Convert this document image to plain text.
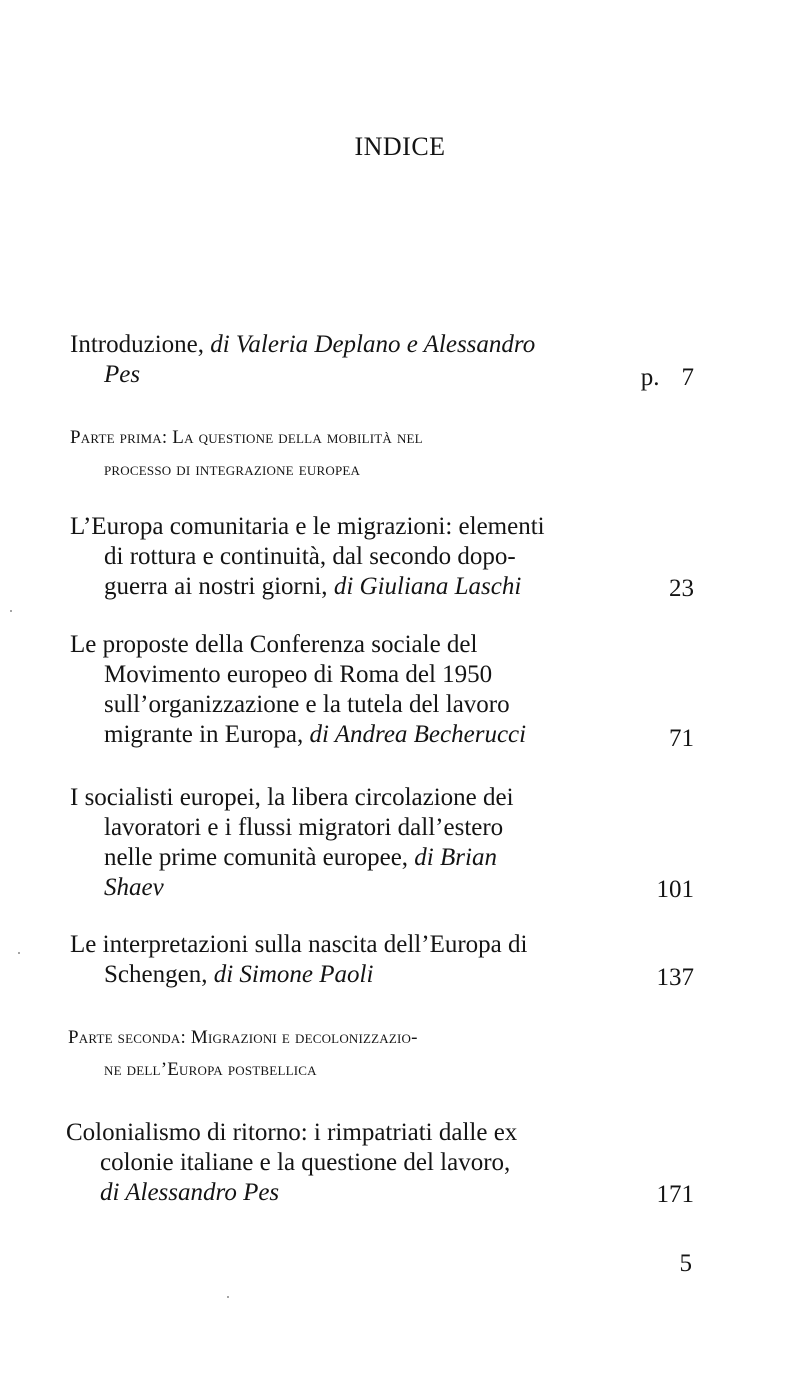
INDICE
Introduzione, di Valeria Deplano e Alessandro
Pes	p. 7
Parte prima: La questione della mobilità nel
processo di integrazione europea
L’Europa comunitaria e le migrazioni: elementi
di rottura e continuità, dal secondo dopo-
guerra ai nostri giorni, di Giuliana Laschi	23
Le proposte della Conferenza sociale del
Movimento europeo di Roma del 1950
sull’organizzazione e la tutela del lavoro
migrante in Europa, di Andrea Becherucci	71
I socialisti europei, la libera circolazione dei
lavoratori e i flussi migratori dall’estero
nelle prime comunità europee, di Brian
Shaev	101
Le interpretazioni sulla nascita dell’Europa di
Schengen, di Simone Paoli	137
Parte seconda: Migrazioni e decolonizzazio-
ne dell’Europa postbellica
Colonialismo di ritorno: i rimpatriati dalle ex
colonie italiane e la questione del lavoro,
di Alessandro Pes	171
5
